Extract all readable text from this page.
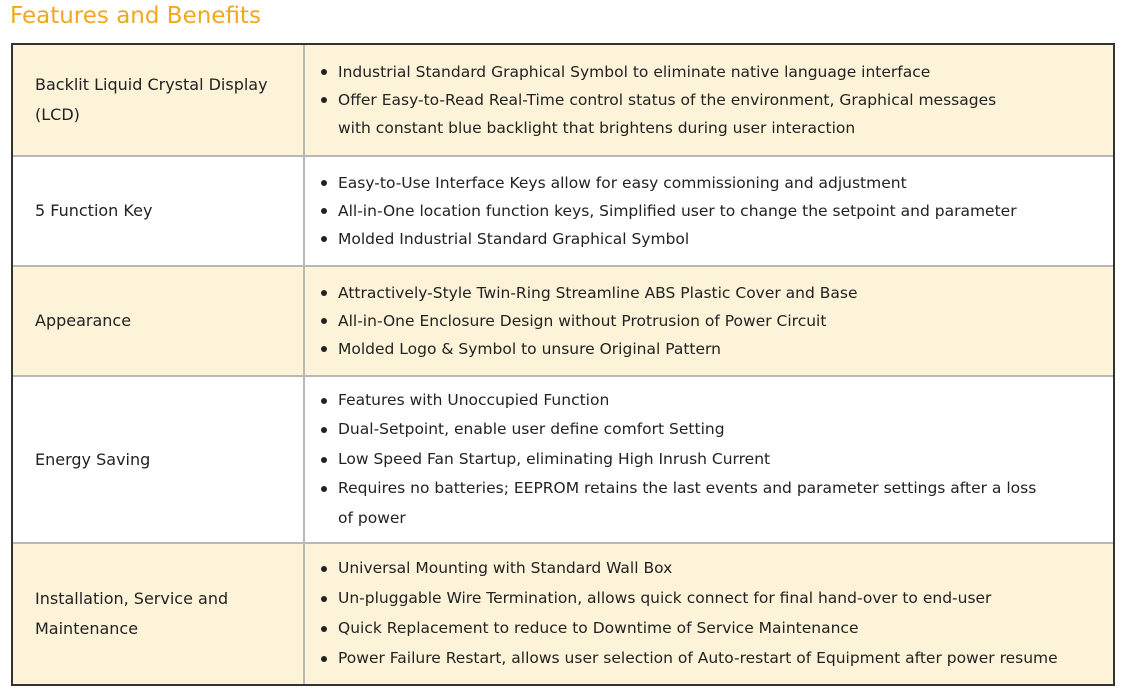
Features and Benefits
Backlit Liquid Crystal Display (LCD)
Industrial Standard Graphical Symbol to eliminate native language interface
Offer Easy-to-Read Real-Time control status of the environment, Graphical messages with constant blue backlight that brightens during user interaction
5 Function Key
Easy-to-Use Interface Keys allow for easy commissioning and adjustment
All-in-One location function keys, Simplified user to change the setpoint and parameter
Molded Industrial Standard Graphical Symbol
Appearance
Attractively-Style Twin-Ring Streamline ABS Plastic Cover and Base
All-in-One Enclosure Design without Protrusion of Power Circuit
Molded Logo & Symbol to unsure Original Pattern
Energy Saving
Features with Unoccupied Function
Dual-Setpoint, enable user define comfort Setting
Low Speed Fan Startup, eliminating High Inrush Current
Requires no batteries; EEPROM retains the last events and parameter settings after a loss of power
Installation, Service and Maintenance
Universal Mounting with Standard Wall Box
Un-pluggable Wire Termination, allows quick connect for final hand-over to end-user
Quick Replacement to reduce to Downtime of Service Maintenance
Power Failure Restart, allows user selection of Auto-restart of Equipment after power resume
